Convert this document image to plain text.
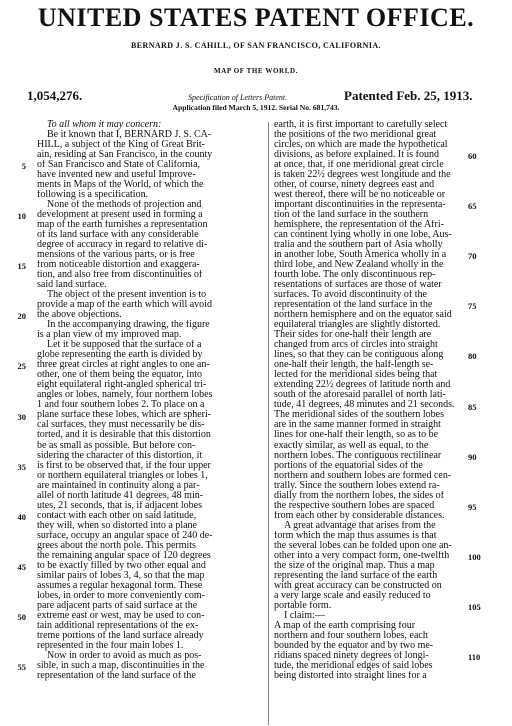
UNITED STATES PATENT OFFICE.
BERNARD J. S. CAHILL, OF SAN FRANCISCO, CALIFORNIA.
MAP OF THE WORLD.
1,054,276.	Specification of Letters Patent.	Patented Feb. 25, 1913.
Application filed March 5, 1912. Serial No. 681,743.
To all whom it may concern:
Be it known that I, BERNARD J. S. CA-
HILL, a subject of the King of Great Brit-
ain, residing at San Francisco, in the county
of San Francisco and State of California,
have invented new and useful Improve-
ments in Maps of the World, of which the
following is a specification.
None of the methods of projection and
development at present used in forming a
map of the earth furnishes a representation
of its land surface with any considerable
degree of accuracy in regard to relative di-
mensions of the various parts, or is free
from noticeable distortion and exaggera-
tion, and also free from discontinuities of
said land surface.
The object of the present invention is to
provide a map of the earth which will avoid
the above objections.
In the accompanying drawing, the figure
is a plan view of my improved map.
Let it be supposed that the surface of a
globe representing the earth is divided by
three great circles at right angles to one an-
other, one of them being the equator, into
eight equilateral right-angled spherical tri-
angles or lobes, namely, four northern lobes
1 and four southern lobes 2. To place on a
plane surface these lobes, which are spheri-
cal surfaces, they must necessarily be dis-
torted, and it is desirable that this distortion
be as small as possible. But before con-
sidering the character of this distortion, it
is first to be observed that, if the four upper
or northern equilateral triangles or lobes 1,
are maintained in continuity along a par-
allel of north latitude 41 degrees, 48 min-
utes, 21 seconds, that is, if adjacent lobes
contact with each other on said latitude,
they will, when so distorted into a plane
surface, occupy an angular space of 240 de-
grees about the north pole. This permits
the remaining angular space of 120 degrees
to be exactly filled by two other equal and
similar pairs of lobes 3, 4, so that the map
assumes a regular hexagonal form. These
lobes, in order to more conveniently com-
pare adjacent parts of said surface at the
extreme east or west, may be used to con-
tain additional representations of the ex-
treme portions of the land surface already
represented in the four main lobes 1.
Now in order to avoid as much as pos-
sible, in such a map, discontinuities in the
representation of the land surface of the
earth, it is first important to carefully select
the positions of the two meridional great
circles, on which are made the hypothetical
divisions, as before explained. It is found
at once, that, if one meridional great circle
is taken 22½ degrees west longitude and the
other, of course, ninety degrees east and
west thereof, there will be no noticeable or
important discontinuities in the representa-
tion of the land surface in the southern
hemisphere, the representation of the Afri-
can continent lying wholly in one lobe, Aus-
tralia and the southern part of Asia wholly
in another lobe, South America wholly in a
third lobe, and New Zealand wholly in the
fourth lobe. The only discontinuous rep-
resentations of surfaces are those of water
surfaces. To avoid discontinuity of the
representation of the land surface in the
northern hemisphere and on the equator said
equilateral triangles are slightly distorted.
Their sides for one-half their length are
changed from arcs of circles into straight
lines, so that they can be contiguous along
one-half their length, the half-length se-
lected for the meridional sides being that
extending 22½ degrees of latitude north and
south of the aforesaid parallel of north lati-
tude, 41 degrees, 48 minutes and 21 seconds.
The meridional sides of the southern lobes
are in the same manner formed in straight
lines for one-half their length, so as to be
exactly similar, as well as equal, to the
northern lobes. The contiguous rectilinear
portions of the equatorial sides of the
northern and southern lobes are formed cen-
trally. Since the southern lobes extend ra-
dially from the northern lobes, the sides of
the respective southern lobes are spaced
from each other by considerable distances.
A great advantage that arises from the
form which the map thus assumes is that
the several lobes can be folded upon one an-
other into a very compact form, one-twelfth
the size of the original map. Thus a map
representing the land surface of the earth
with great accuracy can be constructed on
a very large scale and easily reduced to
portable form.
I claim:—
A map of the earth comprising four
northern and four southern lobes, each
bounded by the equator and by two me-
ridians spaced ninety degrees of longi-
tude, the meridional edges of said lobes
being distorted into straight lines for a
5
10
15
20
25
30
35
40
45
50
55
60
65
70
75
80
85
90
95
100
105
110
